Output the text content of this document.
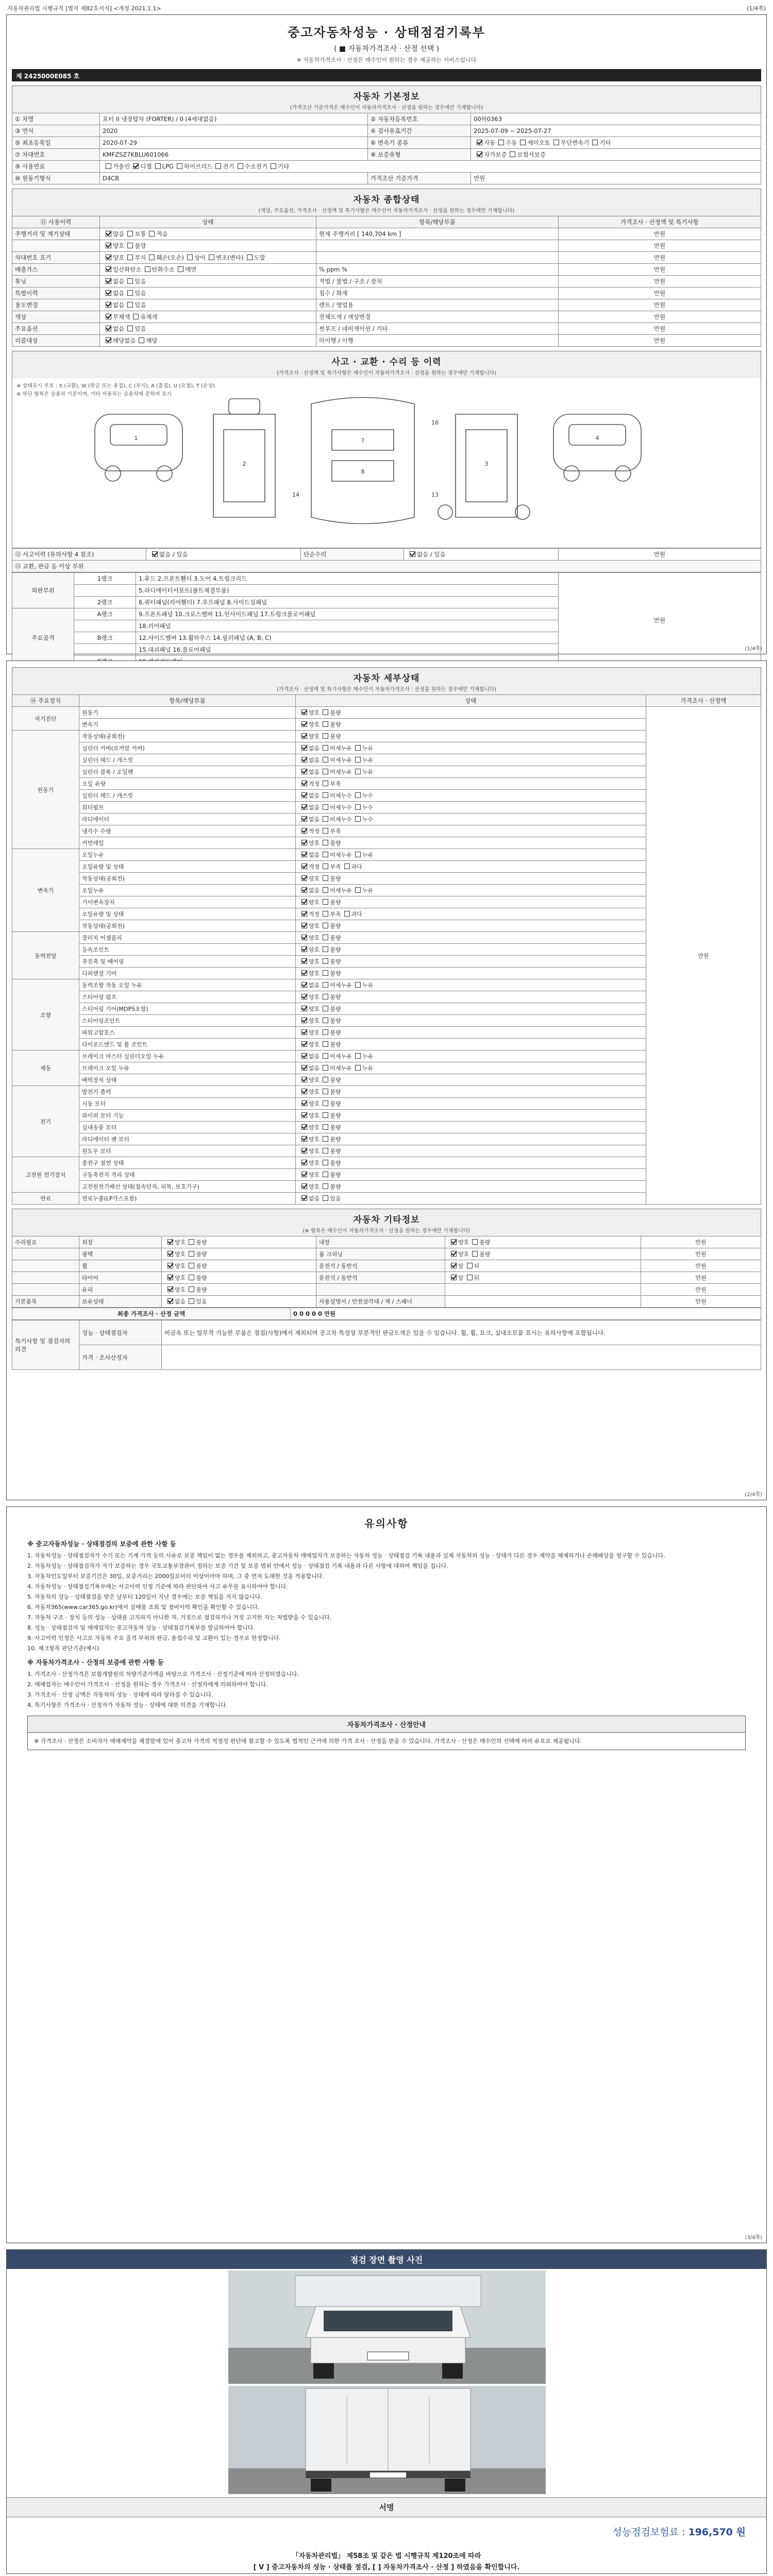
자동차관리법 시행규칙 [별지 제82호서식] <개정 2021.1.1>	(1/4쪽)
중고자동차성능 · 상태점검기록부
( ■ 자동차가격조사 · 산정 선택 )
※ 자동차가격조사 · 산정은 매수인이 원하는 경우 제공하는 서비스입니다
제 2425000E085 호
자동차 기본정보
(가격조산 기준가격은 매수인이 자동차가격조사 · 산정을 원하는 경우에만 기재합니다)
① 차명	포터 II 냉장탑차 (FORTER) / 0 (4세대없음)	② 자동차등록번호	00하0363
③ 연식	2020	④ 검사유효기간	2025-07-09 ~ 2025-07-27
⑤ 최초등록일	2020-07-29	⑥ 변속기 종류	자동 수동 세미오토 무단변속기 기타
⑦ 차대번호	KMFZSZ7KBLU601066	⑧ 보증유형	자가보증 보험사보증
⑨ 사용연료	가솔린 디젤 LPG 하이브리드 전기 수소전기 기타		
⑩ 원동기형식	D4CB	가격조산 기준가격	만원
자동차 종합상태
(색상, 주요옵션, 가격조사 · 산정액 및 특기사항은 매수인이 자동차가격조사 · 산정을 원하는 경우에만 기재합니다)
⑪ 사용이력	상태	항목/해당부품	가격조사 · 산정액 및 특기사항
주행거리 및 계기상태	많음 보통 적음	현재 주행거리 [ 140,704 km ]	만원
	양호 불량		만원
차대번호 표기	양호 부식 훼손(오손) 상이 변조(변타) 도말		만원
배출가스	일산화탄소 탄화수소 매연	% ppm %	만원
튜닝	없음 있음	적법 / 불법 / 구조 / 장치	만원
특별이력	없음 있음	침수 / 화재	만원
용도변경	없음 있음	렌트 / 영업용	만원
색상	무채색 유채색	전체도색 / 색상변경	만원
주요옵션	없음 있음	썬루프 / 네비게이션 / 기타	만원
리콜대상	해당없음 해당	미이행 / 이행	만원
사고 · 교환 · 수리 등 이력
(가격조사 · 산정액 및 특기사항은 매수인이 자동차가격조사 · 산정을 원하는 경우에만 기재합니다)
※ 상태표시 부호 : X (교환), W (판금 또는 용접), C (부식), A (흠집), U (요철), T (손상)
※ 하단 항목은 승용차 기준이며, 기타 자동차는 승용차에 준하여 표시
1
2
7
8
3
4
16
13
14
⑫ 사고이력 (유의사항 4 참조)	없음 / 있음	단순수리	없음 / 있음	만원
⑬ 교환, 판금 등 이상 부위
외판부위	1랭크	1.후드 2.프론트휀더 3.도어 4.트렁크리드	만원
		5.라디에이터서포트(볼트체결부품)	
	2랭크	6.쿼터패널(리어휀더) 7.루프패널 8.사이드실패널	
주요골격	A랭크	9.프론트패널 10.크로스멤버 11.인사이드패널 17.트렁크플로어패널	
		18.리어패널	
	B랭크	12.사이드멤버 13.휠하우스 14.필러패널 (A, B, C)	
		15.대쉬패널 16.플로어패널	
		(1/4쪽)
자동차 세부상태
(가격조사 · 산정액 및 특기사항은 매수인이 자동차가격조사 · 산정을 원하는 경우에만 기재합니다)
⑭ 주요장치	항목/해당부품	상태	가격조사 · 산정액
자기진단	원동기	양호 불량	만원
	변속기	양호 불량	
원동기	작동상태(공회전)	양호 불량	
	실린더 커버(로커암 커버)	없음 미세누유 누유	
	실린더 헤드 / 개스킷	없음 미세누유 누유	
	실린더 블록 / 오일팬	없음 미세누유 누유	
	오일 유량	적정 부족	
	실린더 헤드 / 개스킷	없음 미세누수 누수	
	워터펌프	없음 미세누수 누수	
	라디에이터	없음 미세누수 누수	
	냉각수 수량	적정 부족	
	커먼레일	양호 불량	
변속기	오일누유	없음 미세누유 누유	
	오일유량 및 상태	적정 부족 과다	
	작동상태(공회전)	양호 불량	
	오일누유	없음 미세누유 누유	
	기어변속장치	양호 불량	
	오일유량 및 상태	적정 부족 과다	
	작동상태(공회전)	양호 불량	
동력전달	클러치 어셈블리	양호 불량	
	등속조인트	양호 불량	
	추진축 및 베어링	양호 불량	
	디퍼렌셜 기어	양호 불량	
조향	동력조향 작동 오일 누유	없음 미세누유 누유	
	스티어링 펌프	양호 불량	
	스티어링 기어(MDPS포함)	양호 불량	
	스티어링조인트	양호 불량	
	파워고압호스	양호 불량	
	타이로드엔드 및 볼 조인트	양호 불량	
제동	브레이크 마스터 실린더오일 누유	없음 미세누유 누유	
	브레이크 오일 누유	없음 미세누유 누유	
	배력장치 상태	양호 불량	
전기	발전기 출력	양호 불량	
	시동 모터	양호 불량	
	와이퍼 모터 기능	양호 불량	
	실내송풍 모터	양호 불량	
	라디에이터 팬 모터	양호 불량	
	윈도우 모터	양호 불량	
고전원 전기장치	충전구 절연 상태	양호 불량	
	구동축전지 격리 상태	양호 불량	
	고전원전기배선 상태(접속단자, 피복, 보호기구)	양호 불량	
연료	연료누출(LP가스포함)	없음 있음	
자동차 기타정보
(※ 항목은 매수인이 자동차가격조사 · 산정을 원하는 경우에만 기재합니다)
수리필요	외장	양호 불량	내장	양호 불량	만원
	광택	양호 불량	룸 크리닝	양호 불량	만원
	휠	양호 불량	운전석 / 동반석	앞 뒤	만원
	타이어	양호 불량	운전석 / 동반석	앞 뒤	만원
	유리	양호 불량			만원
기본품목	보유상태	없음 있음	사용설명서 / 안전삼각대 / 잭 / 스패너		만원
최종 가격조사 · 산정 금액	0 0 0 0 0 만원
특기사항 및 점검자의 의견	성능 · 상태점검자	비금속 또는 탈부착 가능한 부품은 점검(사항)에서 제외되며 중고차 특성상 부분적인 판금도색은 있을 수 있습니다. 휠, 휠, 요크, 실내소모품 표시는 유의사항에 포함됩니다.
	가격 · 조사산정자	
(2/4쪽)
유의사항
※ 중고자동차성능 · 상태점검의 보증에 관한 사항 등

1. 자동차성능 · 상태점검자가 수기 또는 기계 가격 등의 사유로 보증 책임이 없는 경우를 제외하고, 중고자동차 매매업자가 보증하는 자동차 성능 · 상태점검 기록 내용과 실제 자동차의 성능 · 상태가 다른 경우 계약을 해제하거나 손해배상을 청구할 수 있습니다.

2. 자동차성능 · 상태점검자가 자가 보증하는 경우 국토교통부장관이 정하는 보증 기간 및 보증 범위 안에서 성능 · 상태점검 기록 내용과 다른 사항에 대하여 책임을 집니다.

3. 자동차인도일부터 보증기간은 30일, 보증거리는 2000킬로미터 이상이어야 하며, 그 중 먼저 도래한 것을 적용합니다.

4. 자동차성능 · 상태점검기록부에는 사고이력 인정 기준에 따라 판단하여 사고 유무를 표시하여야 합니다.

5. 자동차의 성능 · 상태점검을 받은 날부터 120일이 지난 경우에는 보증 책임을 지지 않습니다.

6. 자동차365(www.car365.go.kr)에서 실매물 조회 및 정비이력 확인을 확인할 수 있습니다.

7. 자동차 구조 · 장치 등의 성능 · 상태를 고지하지 아니한 자, 거짓으로 점검하거나 거짓 고지한 자는 처벌받을 수 있습니다.

8. 성능 · 상태점검자 및 매매업자는 중고자동차 성능 · 상태점검기록부를 발급하여야 합니다.

9. 사고이력 인정은 사고로 자동차 주요 골격 부위의 판금, 용접수리 및 교환이 있는 경우로 한정합니다.

10. 체크항목 판단기준(예시)

※ 자동차가격조사 · 산정의 보증에 관한 사항 등

1. 가격조사 · 산정가격은 보험개발원의 차량기준가액을 바탕으로 가격조사 · 산정기준에 따라 산정하였습니다.

2. 매매업자는 매수인이 가격조사 · 산정을 원하는 경우 가격조사 · 산정자에게 의뢰하여야 합니다.

3. 가격조사 · 산정 금액은 자동차의 성능 · 상태에 따라 달라질 수 있습니다.

4. 특기사항은 가격조사 · 산정자가 자동차 성능 · 상태에 대한 의견을 기재합니다.

자동차가격조사 · 산정안내
※ 가격조사 · 산정은 소비자가 매매계약을 체결함에 있어 중고차 가격의 적정성 판단에 참고할 수 있도록 법적인 근거에 의한 가격 조사 · 산정을 받을 수 있습니다. 가격조사 · 산정은 매수인의 선택에 따라 유료로 제공됩니다.
(3/4쪽)
점검 장면 촬영 사진
서명
성능점검보험료 : 196,570 원
「자동차관리법」 제58조 및 같은 법 시행규칙 제120조에 따라
[ V ] 중고자동차의 성능 · 상태를 점검, [ ] 자동차가격조사 · 산정 ] 하였음을 확인합니다.
